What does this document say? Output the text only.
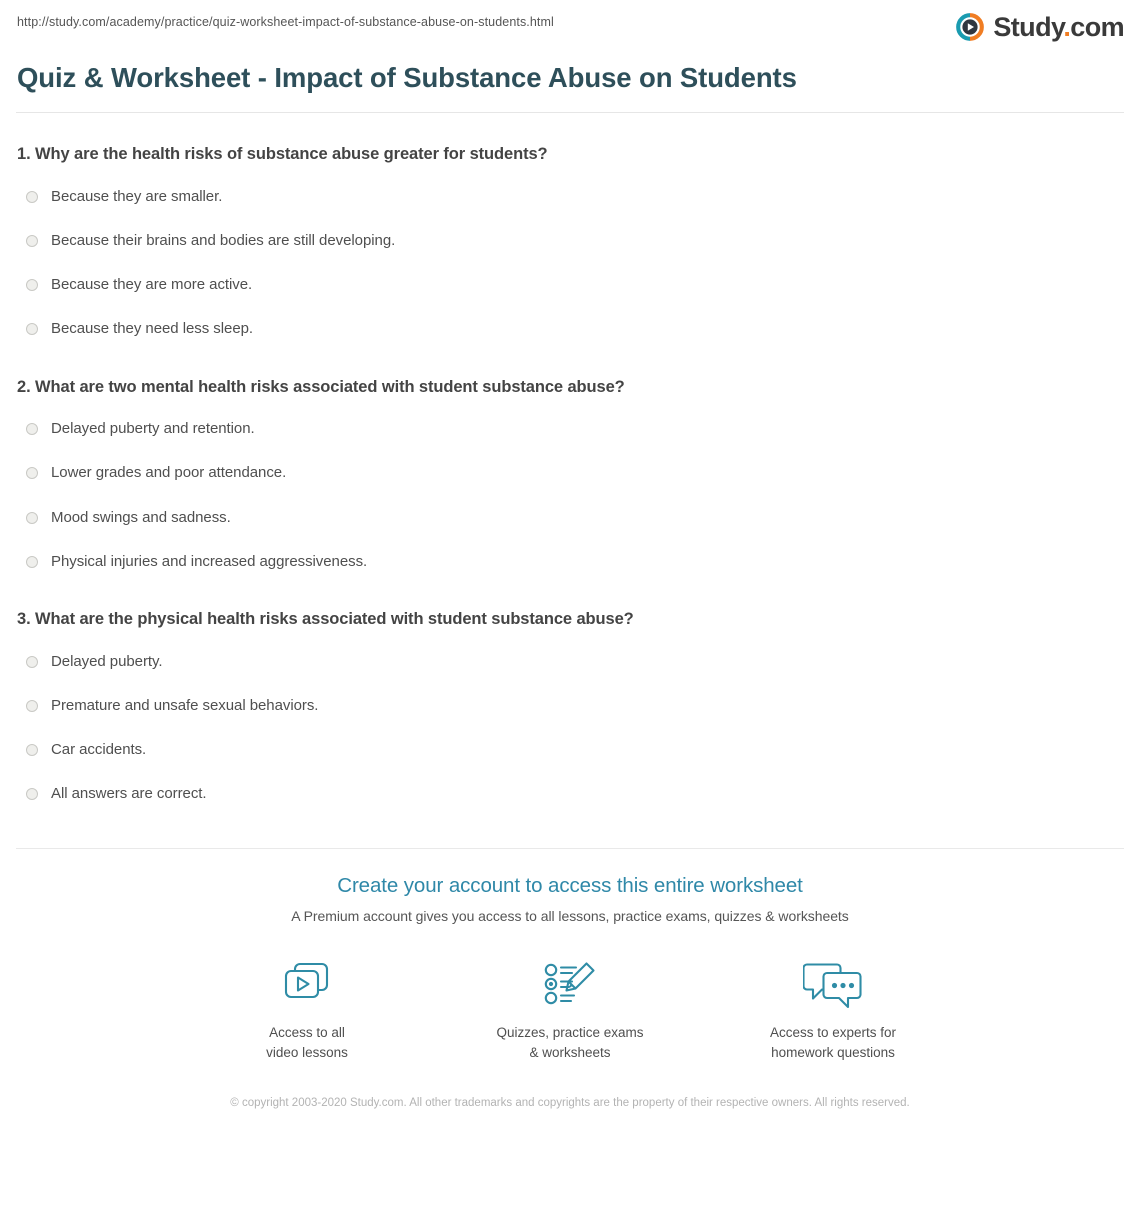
http://study.com/academy/practice/quiz-worksheet-impact-of-substance-abuse-on-students.html	Study.com
Quiz & Worksheet - Impact of Substance Abuse on Students
1. Why are the health risks of substance abuse greater for students?
Because they are smaller.
Because their brains and bodies are still developing.
Because they are more active.
Because they need less sleep.
2. What are two mental health risks associated with student substance abuse?
Delayed puberty and retention.
Lower grades and poor attendance.
Mood swings and sadness.
Physical injuries and increased aggressiveness.
3. What are the physical health risks associated with student substance abuse?
Delayed puberty.
Premature and unsafe sexual behaviors.
Car accidents.
All answers are correct.
Create your account to access this entire worksheet
A Premium account gives you access to all lessons, practice exams, quizzes & worksheets
Access to all
video lessons
Quizzes, practice exams
& worksheets
Access to experts for
homework questions
© copyright 2003-2020 Study.com. All other trademarks and copyrights are the property of their respective owners. All rights reserved.
